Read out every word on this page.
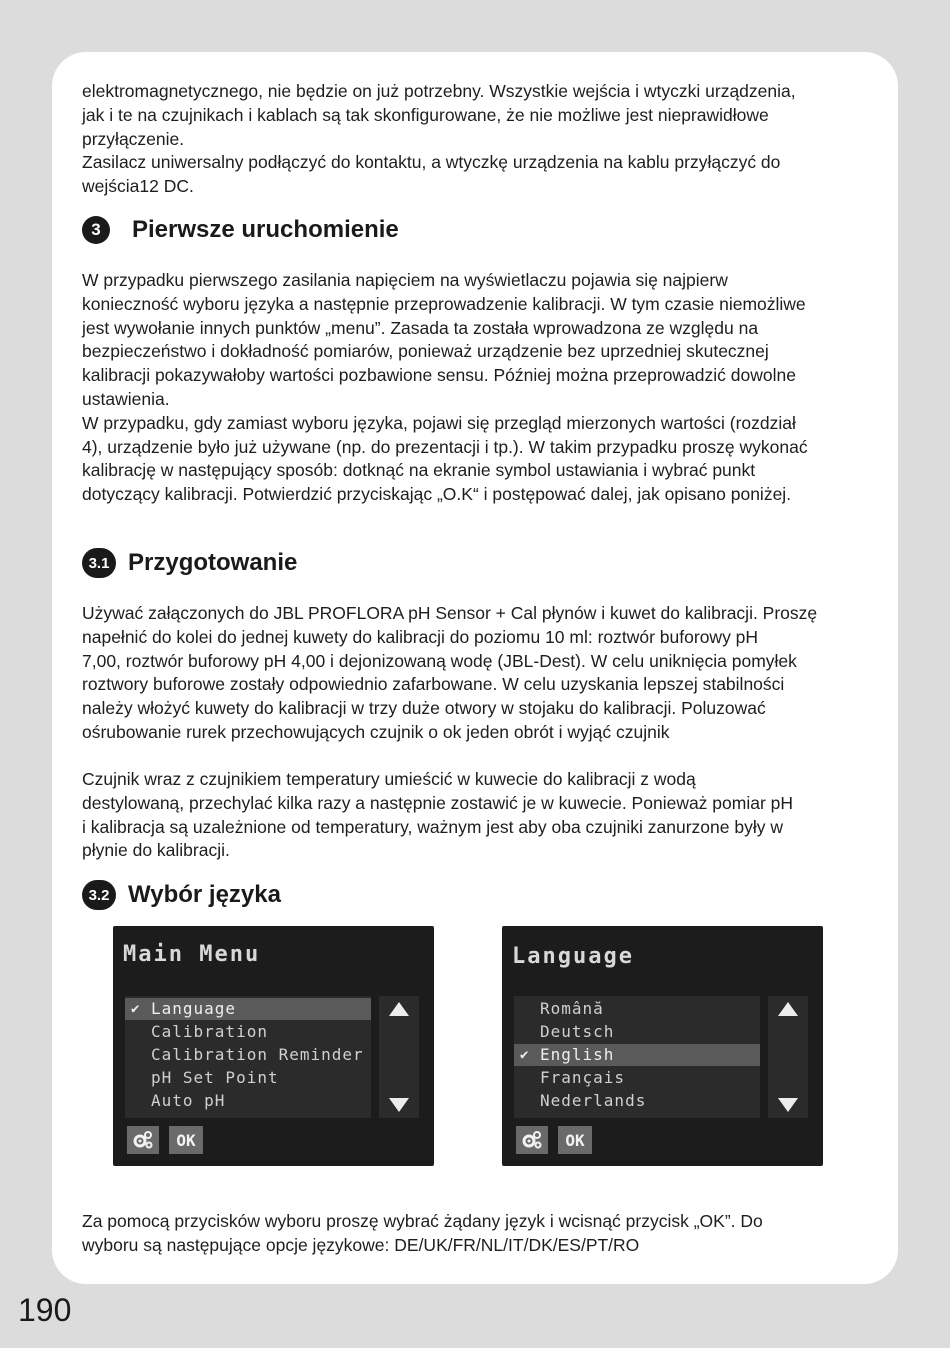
elektromagnetycznego, nie będzie on już potrzebny. Wszystkie wejścia i wtyczki urządzenia,

jak i te na czujnikach i kablach są tak skonfigurowane, że nie możliwe jest nieprawidłowe

przyłączenie.

Zasilacz uniwersalny podłączyć do kontaktu, a wtyczkę urządzenia na kablu przyłączyć do

wejścia12 DC.

3	Pierwsze uruchomienie

W przypadku pierwszego zasilania napięciem na wyświetlaczu pojawia się najpierw

konieczność wyboru języka a następnie przeprowadzenie kalibracji. W tym czasie niemożliwe

jest wywołanie innych punktów „menu”. Zasada ta została wprowadzona ze względu na

bezpieczeństwo i dokładność pomiarów, ponieważ urządzenie bez uprzedniej skutecznej

kalibracji pokazywałoby wartości pozbawione sensu. Później można przeprowadzić dowolne

ustawienia.

W przypadku, gdy zamiast wyboru języka, pojawi się przegląd mierzonych wartości (rozdział

4), urządzenie było już używane (np. do prezentacji i tp.). W takim przypadku proszę wykonać

kalibrację w następujący sposób: dotknąć na ekranie symbol ustawiania i wybrać punkt

dotyczący kalibracji. Potwierdzić przyciskając „O.K“ i postępować dalej, jak opisano poniżej.

3.1 Przygotowanie

Używać załączonych do JBL PROFLORA pH Sensor + Cal płynów i kuwet do kalibracji. Proszę

napełnić do kolei do jednej kuwety do kalibracji do poziomu 10 ml: roztwór buforowy pH

7,00, roztwór buforowy pH 4,00 i dejonizowaną wodę (JBL-Dest). W celu uniknięcia pomyłek

roztwory buforowe zostały odpowiednio zafarbowane. W celu uzyskania lepszej stabilności

należy włożyć kuwety do kalibracji w trzy duże otwory w stojaku do kalibracji. Poluzować

ośrubowanie rurek przechowujących czujnik o ok jeden obrót i wyjąć czujnik

Czujnik wraz z czujnikiem temperatury umieścić w kuwecie do kalibracji z wodą

destylowaną, przechylać kilka razy a następnie zostawić je w kuwecie. Ponieważ pomiar pH

i kalibracja są uzależnione od temperatury, ważnym jest aby oba czujniki zanurzone były w

płynie do kalibracji.

3.2 Wybór języka
Main Menu
✔ Language
Calibration
Calibration Reminder
pH Set Point
Auto pH
OK
Language
Română
Deutsch
✔ English
Français
Nederlands
OK

Za pomocą przycisków wyboru proszę wybrać żądany język i wcisnąć przycisk „OK”. Do

wyboru są następujące opcje językowe: DE/UK/FR/NL/IT/DK/ES/PT/RO

190
